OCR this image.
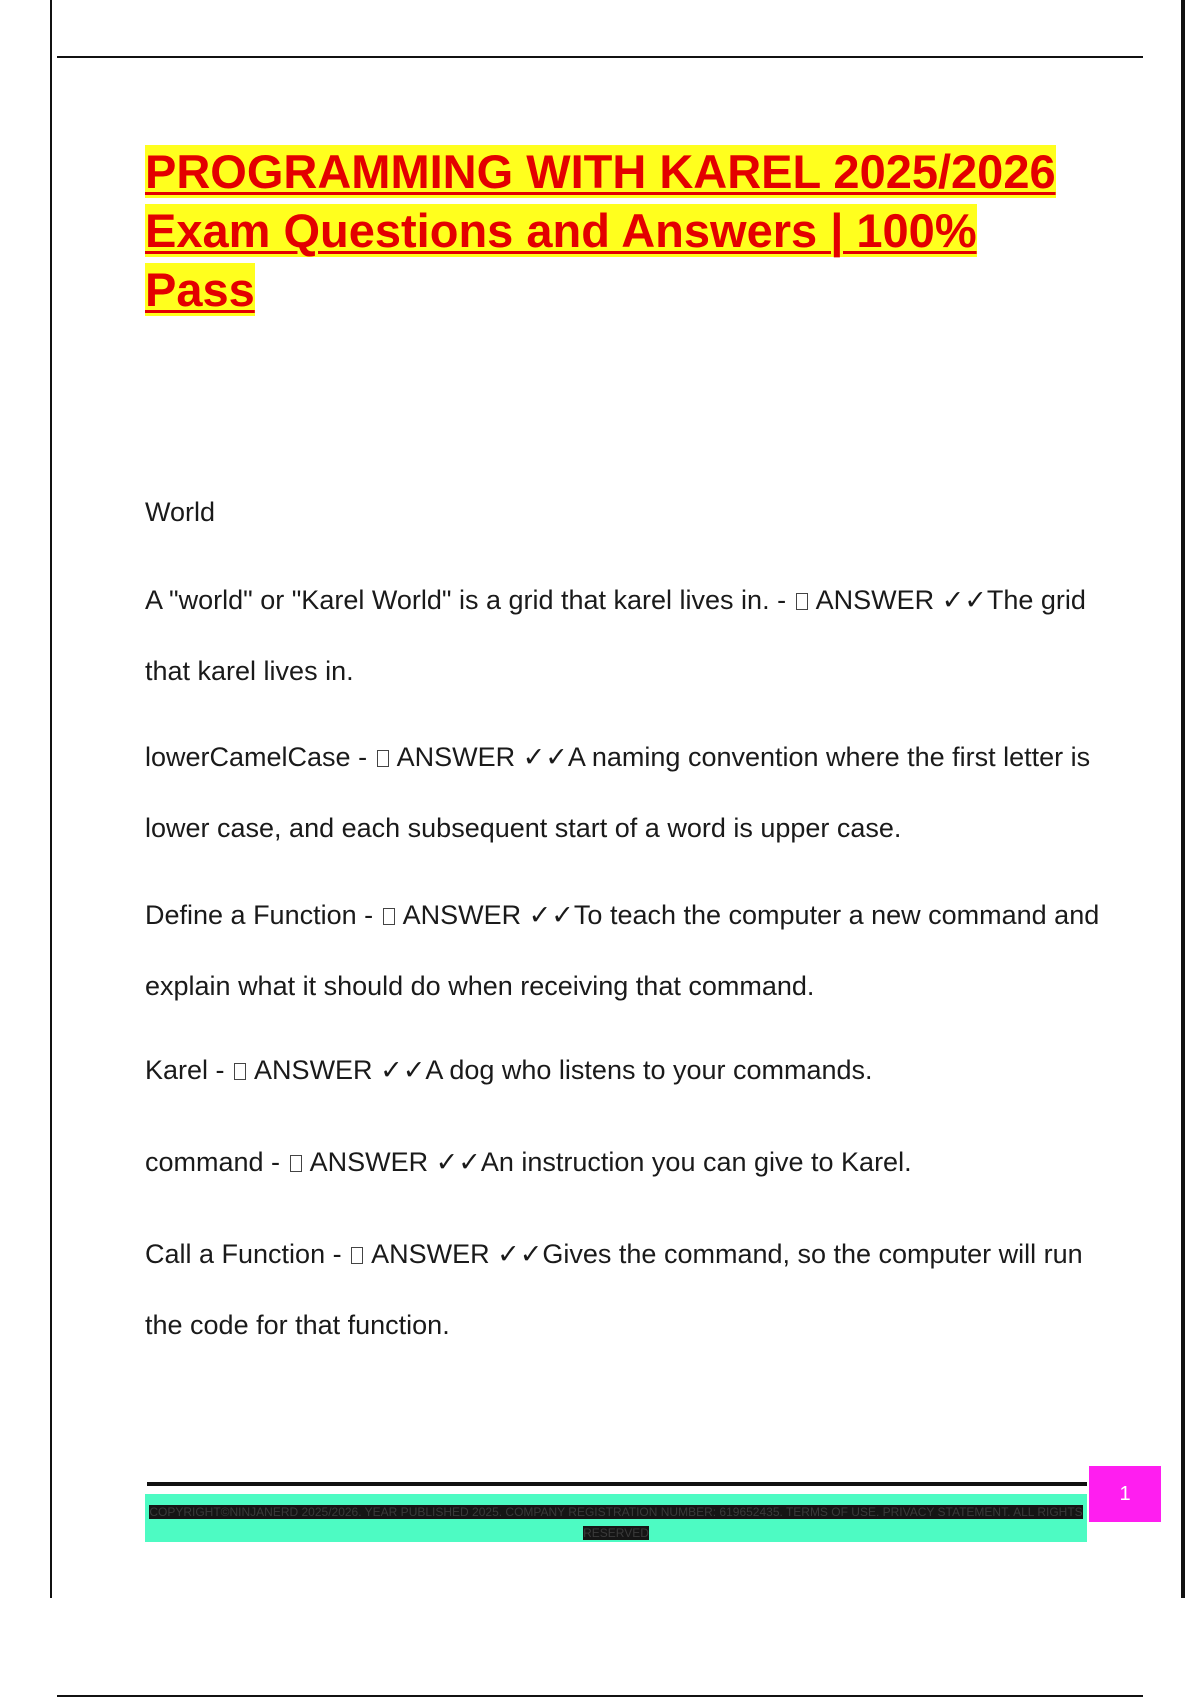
PROGRAMMING WITH KAREL 2025/2026
Exam Questions and Answers | 100%
Pass
World
A "world" or "Karel World" is a grid that karel lives in. -  ANSWER ✓✓The grid that karel lives in.
lowerCamelCase -  ANSWER ✓✓A naming convention where the first letter is lower case, and each subsequent start of a word is upper case.
Define a Function -  ANSWER ✓✓To teach the computer a new command and explain what it should do when receiving that command.
Karel -  ANSWER ✓✓A dog who listens to your commands.
command -  ANSWER ✓✓An instruction you can give to Karel.
Call a Function -  ANSWER ✓✓Gives the command, so the computer will run the code for that function.
COPYRIGHT©NINJANERD 2025/2026. YEAR PUBLISHED 2025. COMPANY REGISTRATION NUMBER: 619652435. TERMS OF USE. PRIVACY STATEMENT. ALL RIGHTS RESERVED
1
